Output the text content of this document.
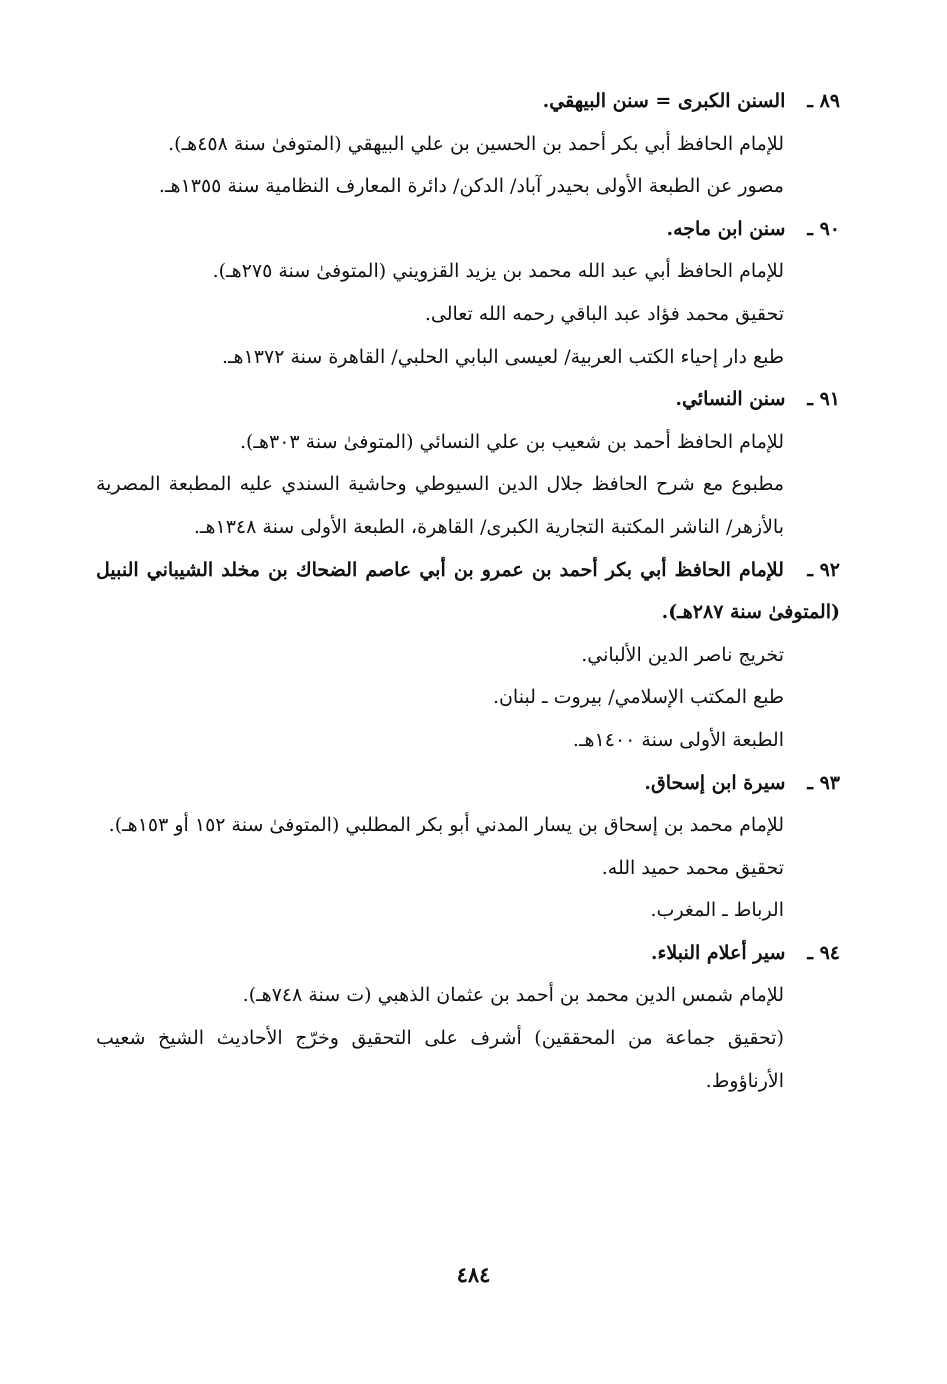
٨٩ ـ السنن الكبرى = سنن البيهقي.
للإمام الحافظ أبي بكر أحمد بن الحسين بن علي البيهقي (المتوفىٰ سنة ٤٥٨هـ).
مصور عن الطبعة الأولى بحيدر آباد/ الدكن/ دائرة المعارف النظامية سنة ١٣٥٥هـ.
٩٠ ـ سنن ابن ماجه.
للإمام الحافظ أبي عبد الله محمد بن يزيد القزويني (المتوفىٰ سنة ٢٧٥هـ).
تحقيق محمد فؤاد عبد الباقي رحمه الله تعالى.
طبع دار إحياء الكتب العربية/ لعيسى البابي الحلبي/ القاهرة سنة ١٣٧٢هـ.
٩١ ـ سنن النسائي.
للإمام الحافظ أحمد بن شعيب بن علي النسائي (المتوفىٰ سنة ٣٠٣هـ).
مطبوع مع شرح الحافظ جلال الدين السيوطي وحاشية السندي عليه المطبعة المصرية بالأزهر/ الناشر المكتبة التجارية الكبرى/ القاهرة، الطبعة الأولى سنة ١٣٤٨هـ.
٩٢ ـ للإمام الحافظ أبي بكر أحمد بن عمرو بن أبي عاصم الضحاك بن مخلد الشيباني النبيل (المتوفىٰ سنة ٢٨٧هـ).
تخريج ناصر الدين الألباني.
طبع المكتب الإسلامي/ بيروت ـ لبنان.
الطبعة الأولى سنة ١٤٠٠هـ.
٩٣ ـ سيرة ابن إسحاق.
للإمام محمد بن إسحاق بن يسار المدني أبو بكر المطلبي (المتوفىٰ سنة ١٥٢ أو ١٥٣هـ).
تحقيق محمد حميد الله.
الرباط ـ المغرب.
٩٤ ـ سير أعلام النبلاء.
للإمام شمس الدين محمد بن أحمد بن عثمان الذهبي (ت سنة ٧٤٨هـ).
(تحقيق جماعة من المحققين) أشرف على التحقيق وخرّج الأحاديث الشيخ شعيب الأرناؤوط.
٤٨٤
